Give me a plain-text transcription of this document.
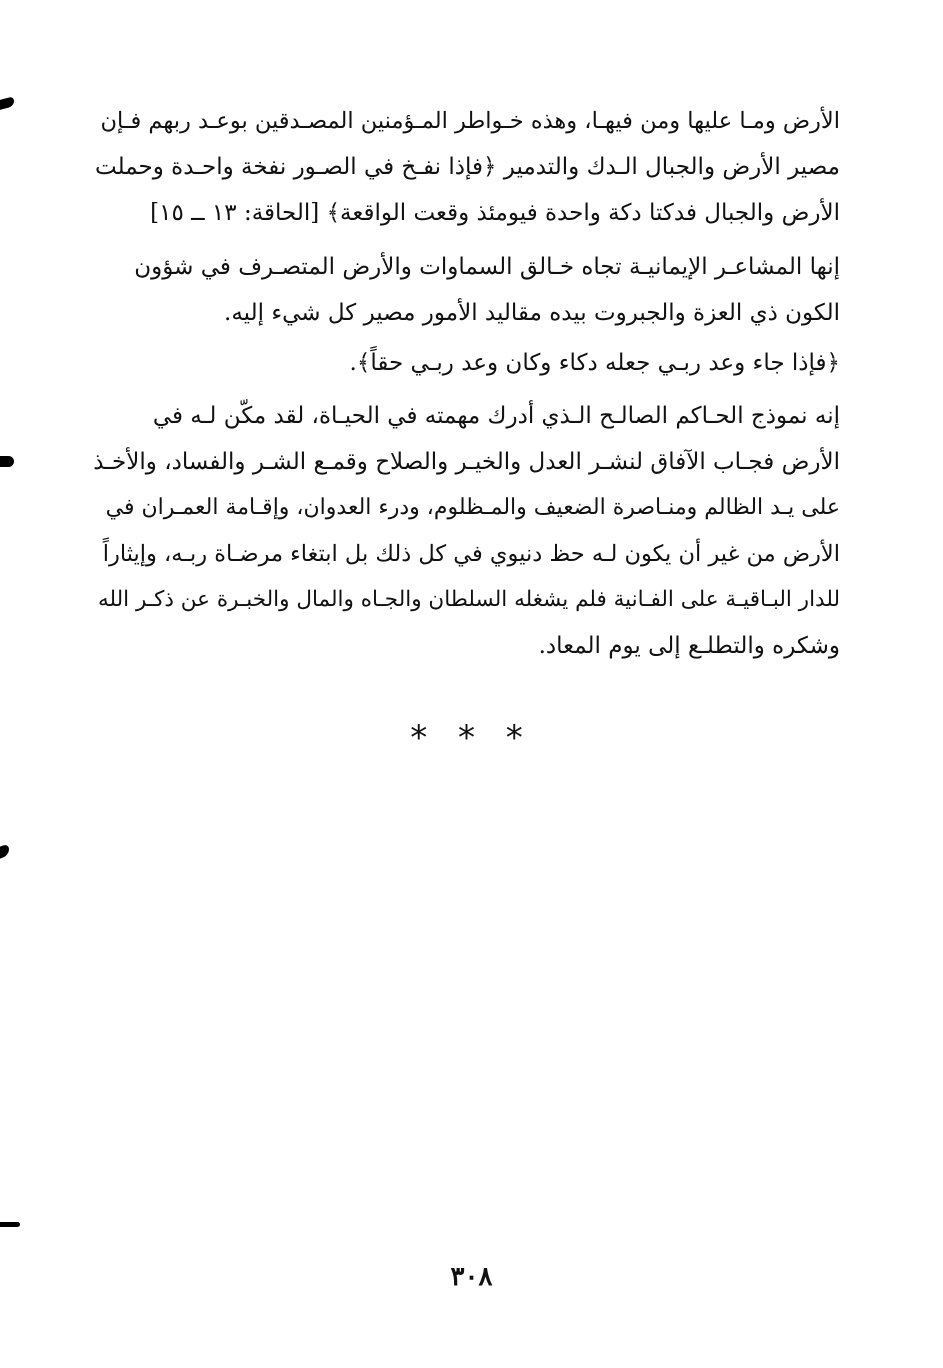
الأرض ومـا عليها ومن فيهـا، وهذه خـواطر المـؤمنين المصـدقين بوعـد ربهم فـإن
مصير الأرض والجبال الـدك والتدمير ﴿فإذا نفـخ في الصـور نفخة واحـدة وحملت
الأرض والجبال فدكتا دكة واحدة فيومئذ وقعت الواقعة﴾ [الحاقة: ١٣ ــ ١٥]
إنها المشاعـر الإيمانيـة تجاه خـالق السماوات والأرض المتصـرف في شؤون
الكون ذي العزة والجبروت بيده مقاليد الأمور مصير كل شيء إليه.
﴿فإذا جاء وعد ربـي جعله دكاء وكان وعد ربـي حقاً﴾.
إنه نموذج الحـاكم الصالـح الـذي أدرك مهمته في الحيـاة، لقد مكّن لـه في
الأرض فجـاب الآفاق لنشـر العدل والخيـر والصلاح وقمـع الشـر والفساد، والأخـذ
على يـد الظالم ومنـاصرة الضعيف والمـظلوم، ودرء العدوان، وإقـامة العمـران في
الأرض من غير أن يكون لـه حظ دنيوي في كل ذلك بل ابتغاء مرضـاة ربـه، وإيثاراً
للدار البـاقيـة على الفـانية فلم يشغله السلطان والجـاه والمال والخبـرة عن ذكـر الله
وشكره والتطلـع إلى يوم المعاد.
* * *
٣٠٨
